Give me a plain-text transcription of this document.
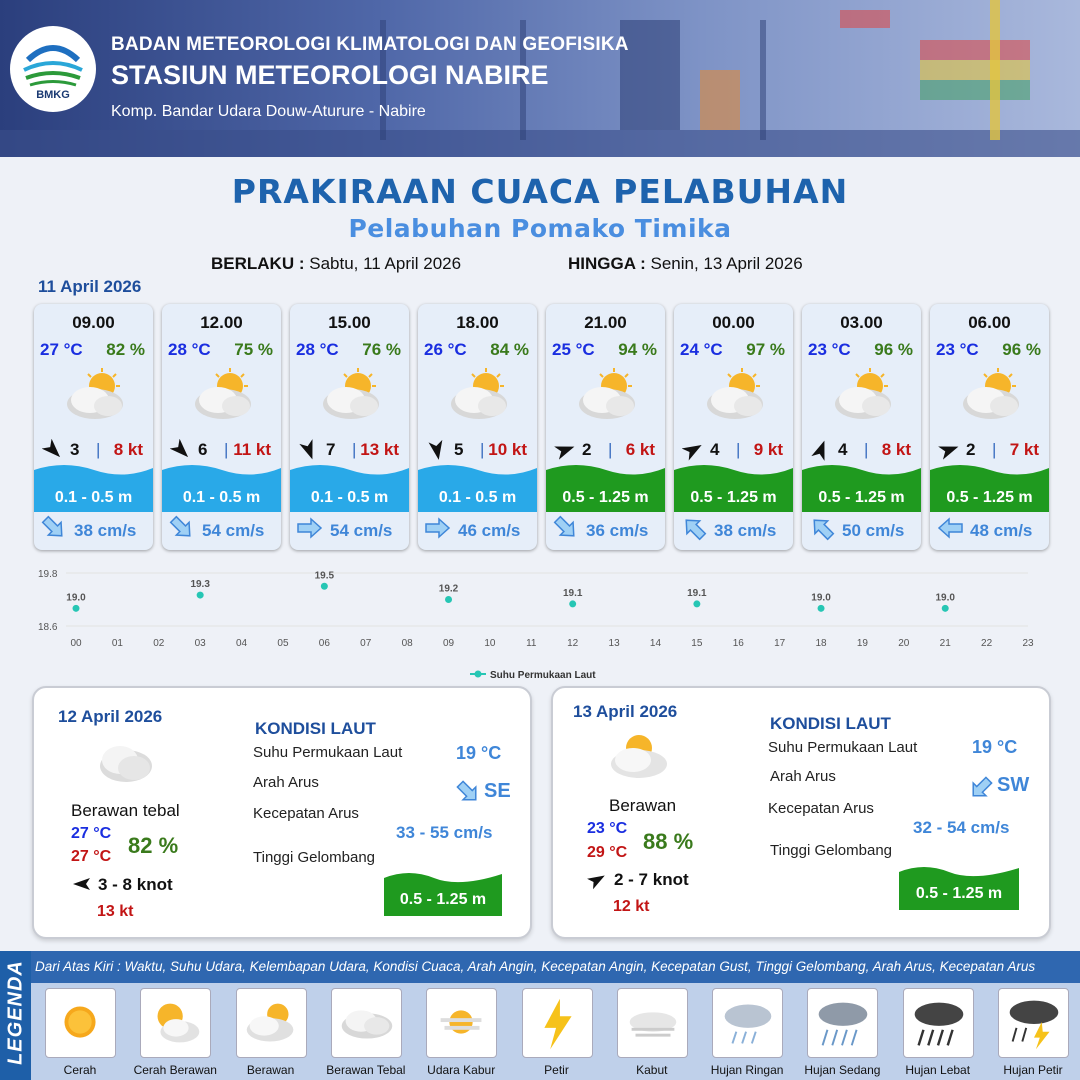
BMKG
BADAN METEOROLOGI KLIMATOLOGI DAN GEOFISIKA
STASIUN METEOROLOGI NABIRE
Komp. Bandar Udara Douw-Aturure - Nabire
PRAKIRAAN CUACA PELABUHAN
Pelabuhan Pomako Timika
BERLAKU : Sabtu, 11 April 2026	HINGGA : Senin, 13 April 2026
11 April 2026
09.00
27 °C 82 %
3 | 8 kt
0.1 - 0.5 m
38 cm/s
12.00
28 °C 75 %
6 | 11 kt
0.1 - 0.5 m
54 cm/s
15.00
28 °C 76 %
7 | 13 kt
0.1 - 0.5 m
54 cm/s
18.00
26 °C 84 %
5 | 10 kt
0.1 - 0.5 m
46 cm/s
21.00
25 °C 94 %
2 | 6 kt
0.5 - 1.25 m
36 cm/s
00.00
24 °C 97 %
4 | 9 kt
0.5 - 1.25 m
38 cm/s
03.00
23 °C 96 %
4 | 8 kt
0.5 - 1.25 m
50 cm/s
06.00
23 °C 96 %
2 | 7 kt
0.5 - 1.25 m
48 cm/s
19.8
18.6
00	01	02	03	04	05	06	07	08	09	10	11	12	13	14	15	16	17	18	19	20	21	22	23
19.0
19.3
19.5
19.2	19.1	19.1	19.0	19.0
Suhu Permukaan Laut
12 April 2026
Berawan tebal
27 °C
27 °C 82 %
3 - 8 knot
13 kt
KONDISI LAUT
Suhu Permukaan Laut	19 °C
Arah Arus	SE
Kecepatan Arus
33 - 55 cm/s
Tinggi Gelombang
0.5 - 1.25 m
13 April 2026
Berawan
23 °C
29 °C 88 %
2 - 7 knot
12 kt
KONDISI LAUT
Suhu Permukaan Laut	19 °C
Arah Arus	SW
Kecepatan Arus
32 - 54 cm/s
Tinggi Gelombang
0.5 - 1.25 m
LEGENDA Dari Atas Kiri : Waktu, Suhu Udara, Kelembapan Udara, Kondisi Cuaca, Arah Angin, Kecepatan Angin, Kecepatan Gust, Tinggi Gelombang, Arah Arus, Kecepatan Arus
Cerah	Cerah Berawan	Berawan	Berawan Tebal	Udara Kabur	Petir	Kabut	Hujan Ringan	Hujan Sedang	Hujan Lebat	Hujan Petir
